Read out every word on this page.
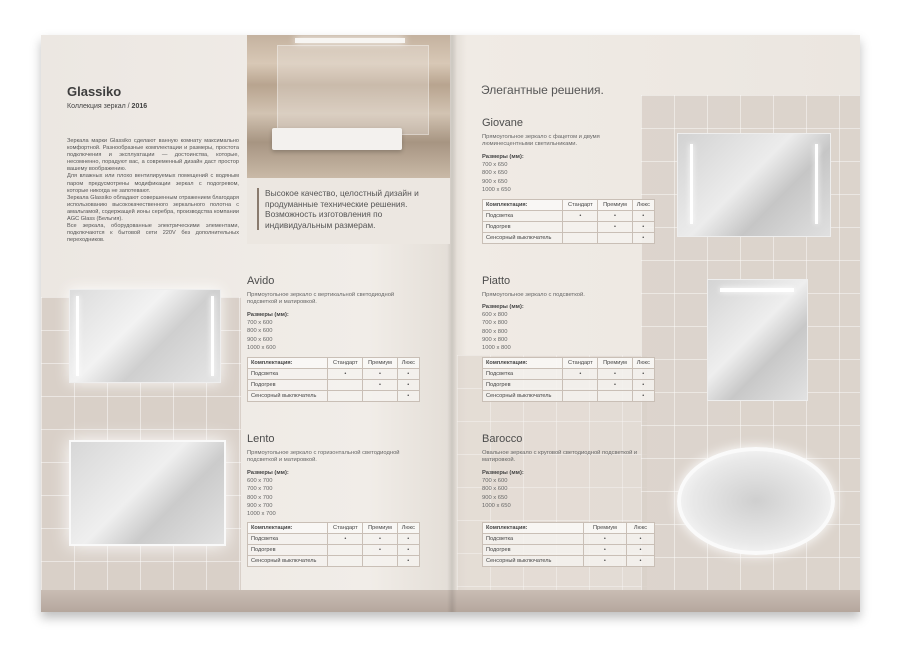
Glassiko
Коллекция зеркал / 2016

Зеркала марки Glassiko сделают ванную комнату максимально комфортной. Разнообразные комплектации и размеры, простота подключения и эксплуатации — достоинства, которые, несомненно, порадуют вас, а современный дизайн даст простор вашему воображению.

Для влажных или плохо вентилируемых помещений с водяным паром предусмотрены модификации зеркал с подогревом, которые никогда не запотевают.

Зеркала Glassiko обладают совершенным отражением благодаря использованию высококачественного зеркального полотна с амальгамой, содержащей ионы серебра, производства компании AGC Glass (Бельгия).

Все зеркала, оборудованные электрическими элементами, подключаются к бытовой сети 220V без дополнительных переходников.

Высокое качество, целостный дизайн и продуманные технические решения. Возможность изготовления по индивидуальным размерам.
Avido
Прямоугольное зеркало с вертикальной светодиодной подсветкой и матировкой.
Размеры (мм):
700 х 600
800 х 600
900 х 600
1000 х 600
Комплектация:	Стандарт	Премиум	Люкс
Подсветка	•	•	•
Подогрев		•	•
Сенсорный выключатель			•
Lento
Прямоугольное зеркало с горизонтальной светодиодной подсветкой и матировкой.
Размеры (мм):
600 х 700
700 х 700
800 х 700
900 х 700
1000 х 700
Комплектация:	Стандарт	Премиум	Люкс
Подсветка	•	•	•
Подогрев		•	•
Сенсорный выключатель			•
Элегантные решения.
Giovane
Прямоугольное зеркало с фацетом и двумя люминесцентными светильниками.
Размеры (мм):
700 х 650
800 х 650
900 х 650
1000 х 650
Комплектация:	Стандарт	Премиум	Люкс
Подсветка	•	•	•
Подогрев		•	•
Сенсорный выключатель			•
Piatto
Прямоугольное зеркало с подсветкой.
Размеры (мм):
600 х 800
700 х 800
800 х 800
900 х 800
1000 х 800
Комплектация:	Стандарт	Премиум	Люкс
Подсветка	•	•	•
Подогрев		•	•
Сенсорный выключатель			•
Barocco
Овальное зеркало с круговой светодиодной подсветкой и матировкой.
Размеры (мм):
700 х 600
800 х 600
900 х 650
1000 х 650
Комплектация:	Премиум	Люкс
Подсветка	•	•
Подогрев	•	•
Сенсорный выключатель	•	•
